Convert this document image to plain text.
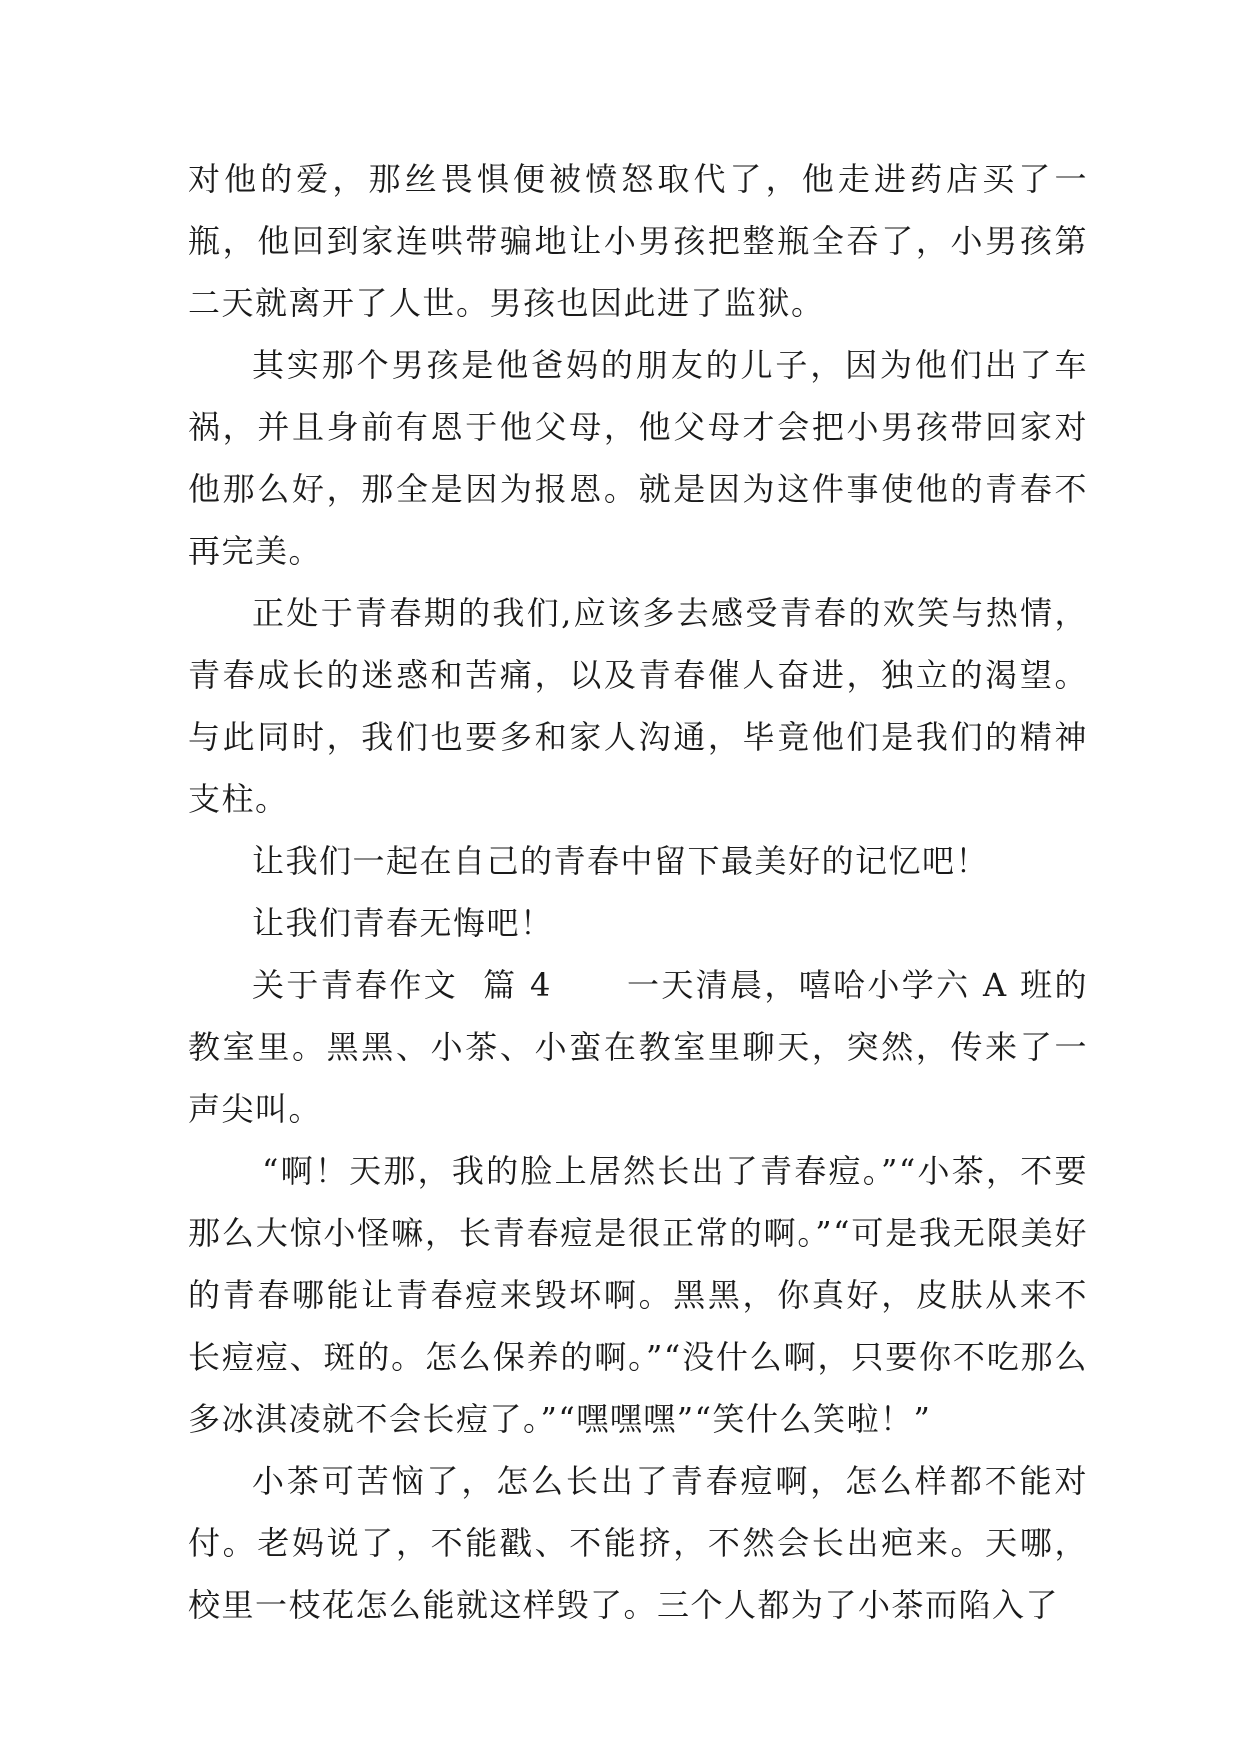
对他的爱，那丝畏惧便被愤怒取代了，他走进药店买了一瓶，他回到家连哄带骗地让小男孩把整瓶全吞了，小男孩第二天就离开了人世。男孩也因此进了监狱。

其实那个男孩是他爸妈的朋友的儿子，因为他们出了车祸，并且身前有恩于他父母，他父母才会把小男孩带回家对他那么好，那全是因为报恩。就是因为这件事使他的青春不再完美。

正处于青春期的我们,应该多去感受青春的欢笑与热情，青春成长的迷惑和苦痛，以及青春催人奋进，独立的渴望。与此同时，我们也要多和家人沟通，毕竟他们是我们的精神支柱。

让我们一起在自己的青春中留下最美好的记忆吧！

让我们青春无悔吧！

关于青春作文  篇 4      一天清晨，嘻哈小学六 A 班的教室里。黑黑、小茶、小蛮在教室里聊天，突然，传来了一声尖叫。

“啊！天那，我的脸上居然长出了青春痘。”“小茶，不要那么大惊小怪嘛，长青春痘是很正常的啊。”“可是我无限美好的青春哪能让青春痘来毁坏啊。黑黑，你真好，皮肤从来不长痘痘、斑的。怎么保养的啊。”“没什么啊，只要你不吃那么多冰淇凌就不会长痘了。”“嘿嘿嘿”“笑什么笑啦！”

小茶可苦恼了，怎么长出了青春痘啊，怎么样都不能对付。老妈说了，不能戳、不能挤，不然会长出疤来。天哪，校里一枝花怎么能就这样毁了。三个人都为了小茶而陷入了
